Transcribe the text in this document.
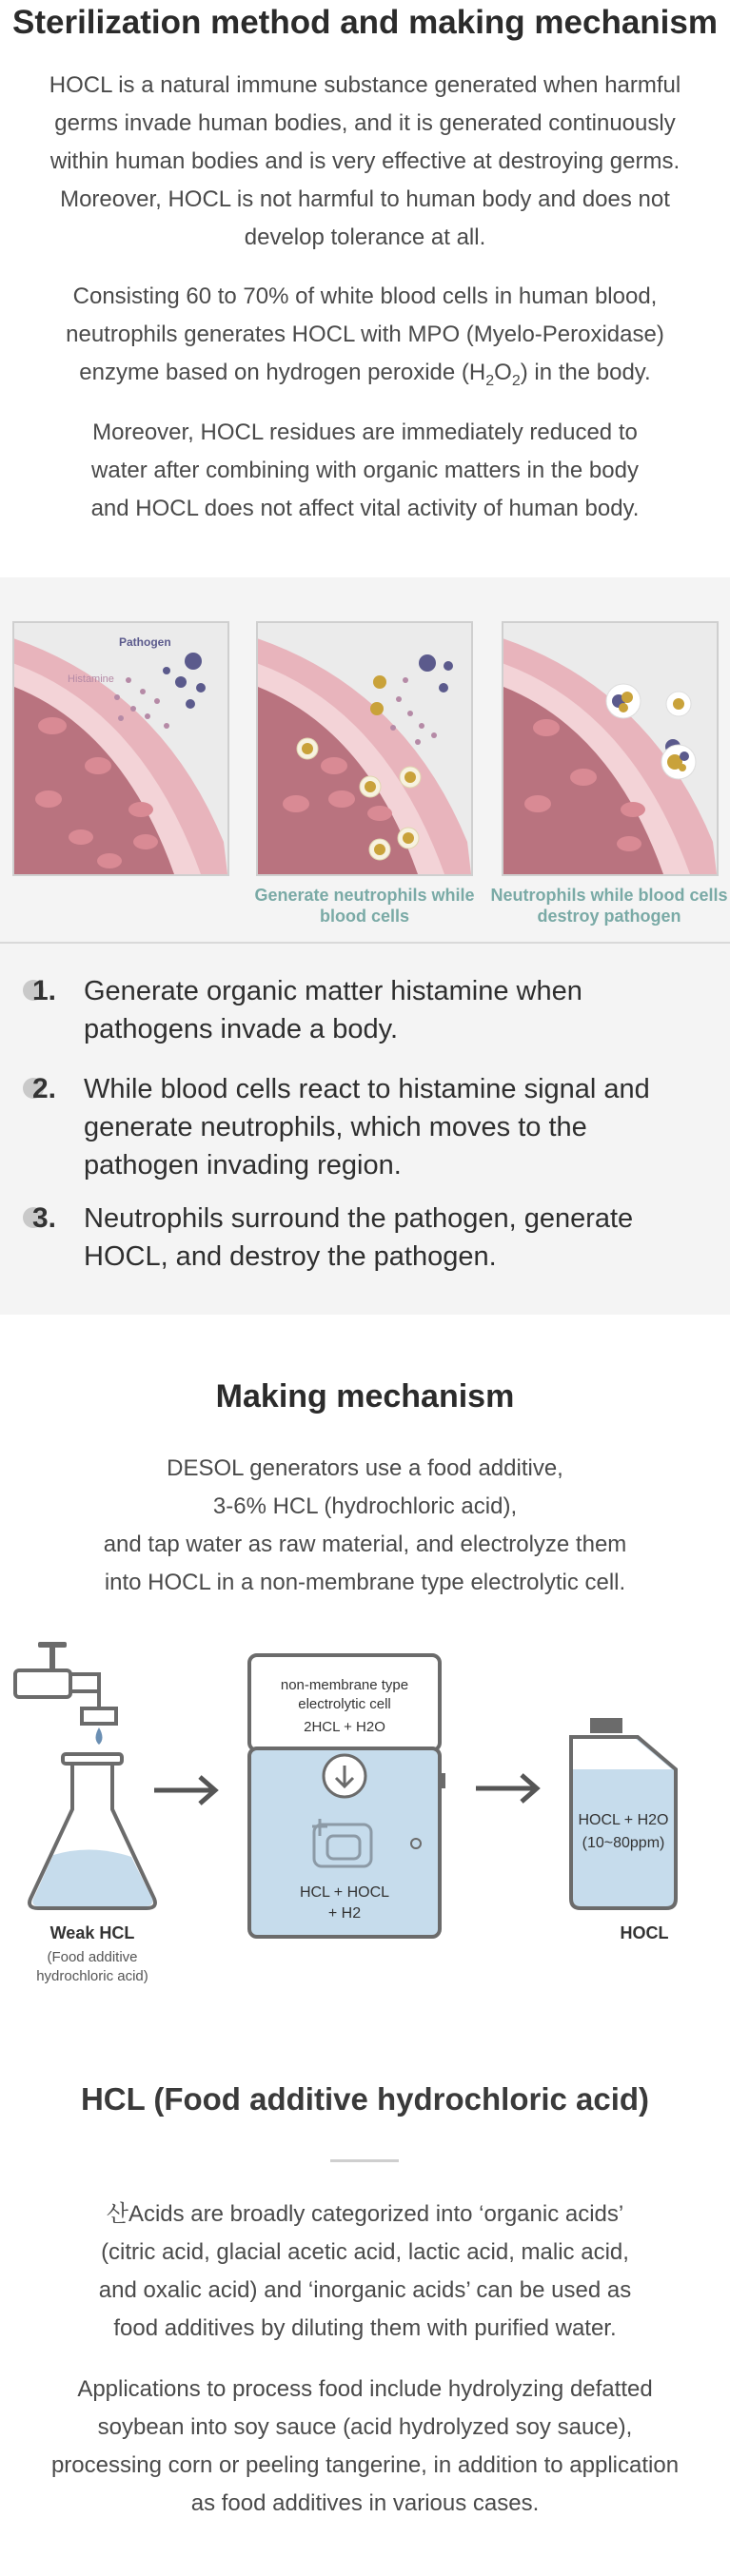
Sterilization method and making mechanism
HOCL is a natural immune substance generated when harmful
germs invade human bodies, and it is generated continuously
within human bodies and is very effective at destroying germs.
Moreover, HOCL is not harmful to human body and does not
develop tolerance at all.
Consisting 60 to 70% of white blood cells in human blood,
neutrophils generates HOCL with MPO (Myelo-Peroxidase)
enzyme based on hydrogen peroxide $(H_2O_2)$ in the body.
Moreover, HOCL residues are immediately reduced to
water after combining with organic matters in the body
and HOCL does not affect vital activity of human body.
Pathogen
Histamine
Generate neutrophils while blood cells
Neutrophils while blood cells destroy pathogen
1. Generate organic matter histamine when pathogens invade a body.
2. While blood cells react to histamine signal and generate neutrophils, which moves to the pathogen invading region.
3. Neutrophils surround the pathogen, generate HOCL, and destroy the pathogen.
Making mechanism
DESOL generators use a food additive,
3-6% HCL (hydrochloric acid),
and tap water as raw material, and electrolyze them
into HOCL in a non-membrane type electrolytic cell.
Weak HCL
(Food additive
hydrochloric acid)
non-membrane type
electrolytic cell
2HCL + H2O
HCL + HOCL
+ H2
HOCL + H2O
(10~80ppm)
HOCL
HCL (Food additive hydrochloric acid)
산Acids are broadly categorized into ‘organic acids’
(citric acid, glacial acetic acid, lactic acid, malic acid,
and oxalic acid) and ‘inorganic acids’ can be used as
food additives by diluting them with purified water.
Applications to process food include hydrolyzing defatted
soybean into soy sauce (acid hydrolyzed soy sauce),
processing corn or peeling tangerine, in addition to application
as food additives in various cases.
